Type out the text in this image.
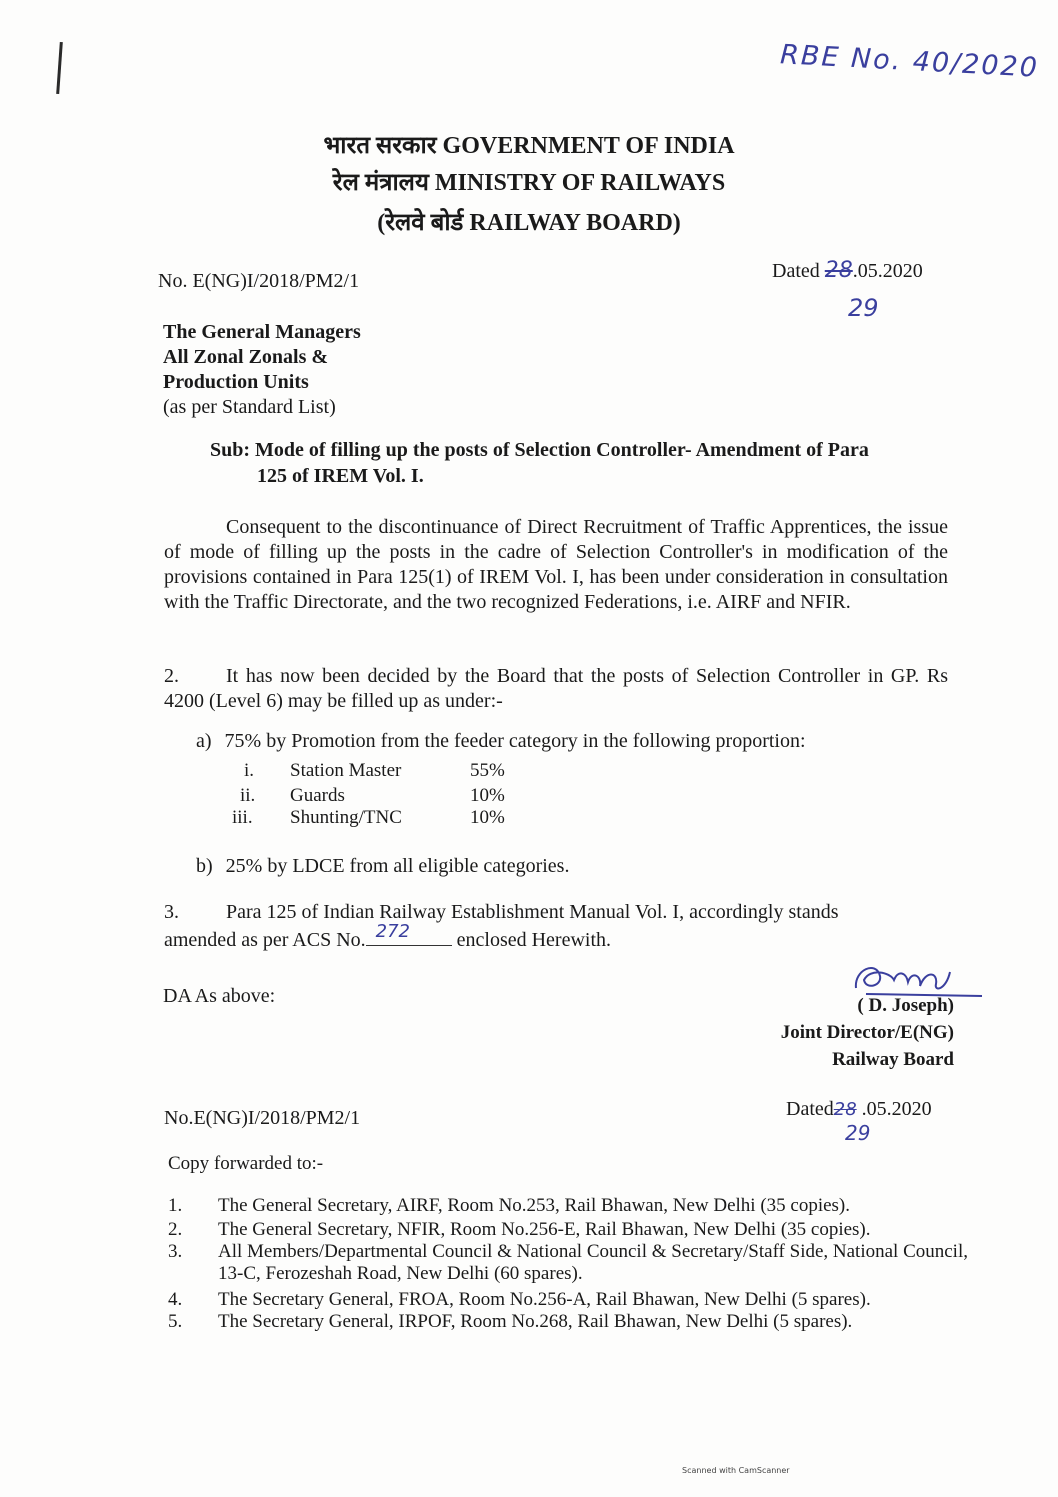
RBE No. 40/2020
भारत सरकार GOVERNMENT OF INDIA
रेल मंत्रालय MINISTRY OF RAILWAYS
(रेलवे बोर्ड RAILWAY BOARD)
No. E(NG)I/2018/PM2/1	Dated 28.05.2020
29
The General Managers
All Zonal Zonals &
Production Units
(as per Standard List)
Sub: Mode of filling up the posts of Selection Controller- Amendment of Para
125 of IREM Vol. I.
Consequent to the discontinuance of Direct Recruitment of Traffic Apprentices, the issue of mode of filling up the posts in the cadre of Selection Controller's in modification of the provisions contained in Para 125(1) of IREM Vol. I, has been under consideration in consultation with the Traffic Directorate, and the two recognized Federations, i.e. AIRF and NFIR.
2. It has now been decided by the Board that the posts of Selection Controller in GP. Rs 4200 (Level 6) may be filled up as under:-
a) 75% by Promotion from the feeder category in the following proportion:
i. Station Master	55%
ii. Guards	10%
iii. Shunting/TNC	10%
b) 25% by LDCE from all eligible categories.
3. Para 125 of Indian Railway Establishment Manual Vol. I, accordingly stands
amended as per ACS No. 272 enclosed Herewith.
DA As above:	( D. Joseph)
Joint Director/E(NG)
Railway Board
No.E(NG)I/2018/PM2/1	Dated28 .05.2020
29
Copy forwarded to:-
1. The General Secretary, AIRF, Room No.253, Rail Bhawan, New Delhi (35 copies).
2. The General Secretary, NFIR, Room No.256-E, Rail Bhawan, New Delhi (35 copies).
3. All Members/Departmental Council & National Council & Secretary/Staff Side, National Council, 13-C, Ferozeshah Road, New Delhi (60 spares).
4. The Secretary General, FROA, Room No.256-A, Rail Bhawan, New Delhi (5 spares).
5. The Secretary General, IRPOF, Room No.268, Rail Bhawan, New Delhi (5 spares).
Scanned with CamScanner
